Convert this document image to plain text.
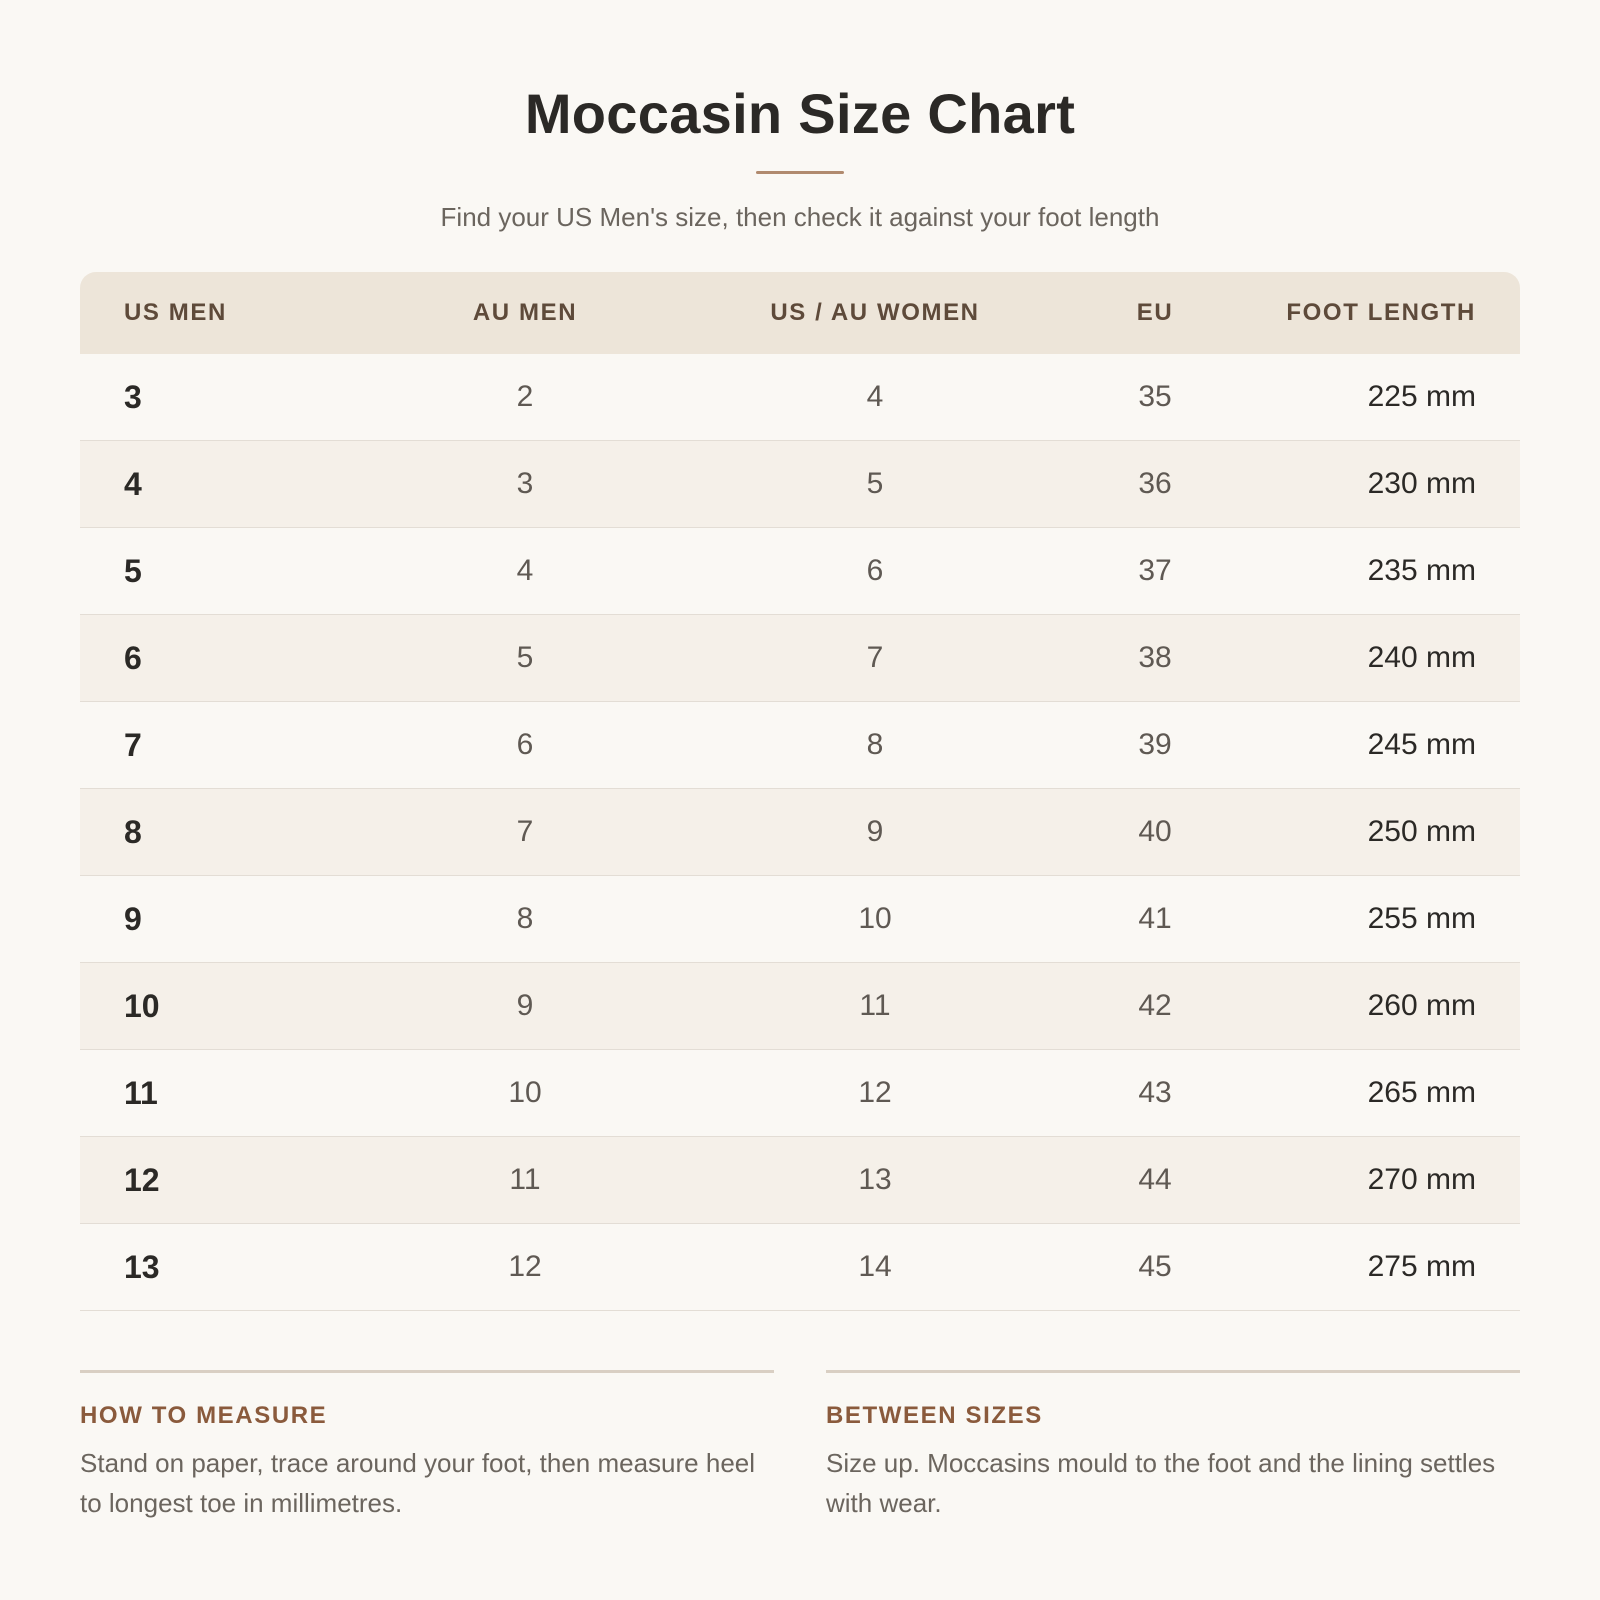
Moccasin Size Chart
Find your US Men's size, then check it against your foot length
US MEN	AU MEN	US / AU WOMEN	EU	FOOT LENGTH
3	2	4	35	225 mm
4	3	5	36	230 mm
5	4	6	37	235 mm
6	5	7	38	240 mm
7	6	8	39	245 mm
8	7	9	40	250 mm
9	8	10	41	255 mm
10	9	11	42	260 mm
11	10	12	43	265 mm
12	11	13	44	270 mm
13	12	14	45	275 mm
HOW TO MEASURE
Stand on paper, trace around your foot, then measure heel to longest toe in millimetres.
BETWEEN SIZES
Size up. Moccasins mould to the foot and the lining settles with wear.
